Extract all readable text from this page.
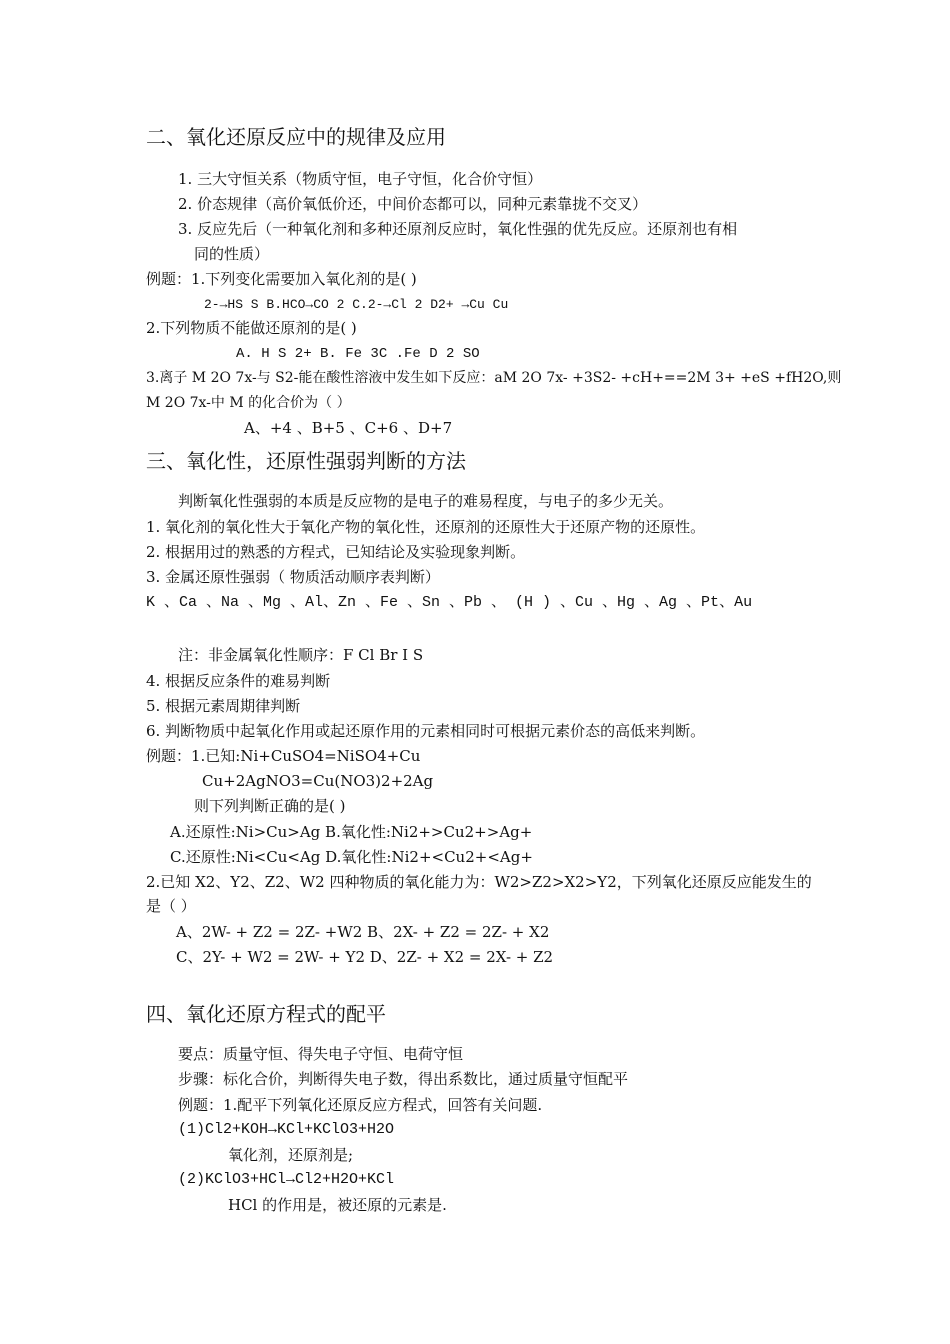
二、氧化还原反应中的规律及应用
1. 三大守恒关系（物质守恒，电子守恒，化合价守恒）
2. 价态规律（高价氧低价还，中间价态都可以，同种元素靠拢不交叉）
3. 反应先后（一种氧化剂和多种还原剂反应时，氧化性强的优先反应。还原剂也有相
同的性质）
例题：1.下列变化需要加入氧化剂的是( )
2-→HS S B.HCO→CO 2 C.2-→Cl 2 D2+ →Cu Cu
2.下列物质不能做还原剂的是( )
A. H S 2+ B. Fe 3C .Fe D 2 SO
3.离子 M 2O 7x-与 S2-能在酸性溶液中发生如下反应：aM 2O 7x- +3S2- +cH+==2M 3+ +eS +fH2O,则
M 2O 7x-中 M 的化合价为（ ）
A、+4 、B+5 、C+6 、D+7
三、氧化性，还原性强弱判断的方法
判断氧化性强弱的本质是反应物的是电子的难易程度，与电子的多少无关。
1. 氧化剂的氧化性大于氧化产物的氧化性，还原剂的还原性大于还原产物的还原性。
2. 根据用过的熟悉的方程式，已知结论及实验现象判断。
3. 金属还原性强弱（ 物质活动顺序表判断）
K 、Ca 、Na 、Mg 、Al、Zn 、Fe 、Sn 、Pb 、 (H ) 、Cu 、Hg 、Ag 、Pt、Au
注：非金属氧化性顺序：F Cl Br I S
4. 根据反应条件的难易判断
5. 根据元素周期律判断
6. 判断物质中起氧化作用或起还原作用的元素相同时可根据元素价态的高低来判断。
例题：1.已知:Ni+CuSO4=NiSO4+Cu
Cu+2AgNO3=Cu(NO3)2+2Ag
则下列判断正确的是( )
A.还原性:Ni>Cu>Ag B.氧化性:Ni2+>Cu2+>Ag+
C.还原性:Ni<Cu<Ag D.氧化性:Ni2+<Cu2+<Ag+
2.已知 X2、Y2、Z2、W2 四种物质的氧化能力为：W2>Z2>X2>Y2，下列氧化还原反应能发生的
是（ ）
A、2W- + Z2 = 2Z- +W2 B、2X- + Z2 = 2Z- + X2
C、2Y- + W2 = 2W- + Y2 D、2Z- + X2 = 2X- + Z2
四、氧化还原方程式的配平
要点：质量守恒、得失电子守恒、电荷守恒
步骤：标化合价，判断得失电子数，得出系数比，通过质量守恒配平
例题：1.配平下列氧化还原反应方程式，回答有关问题.
(1)Cl2+KOH→KCl+KClO3+H2O
氧化剂，还原剂是;
(2)KClO3+HCl→Cl2+H2O+KCl
HCl 的作用是，被还原的元素是.
